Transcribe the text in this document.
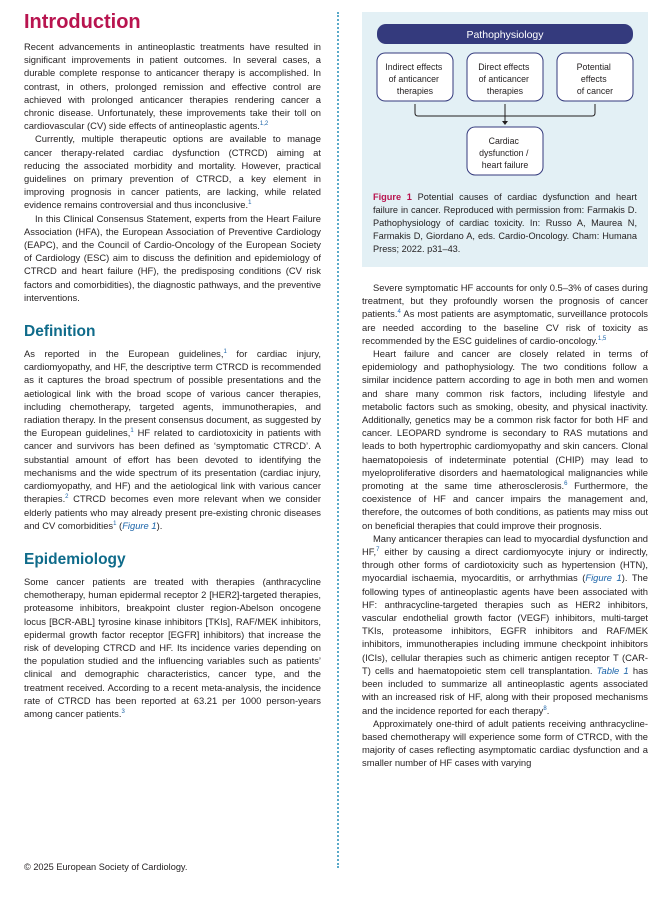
Introduction

Recent advancements in antineoplastic treatments have resulted in significant improvements in patient outcomes. In several cases, a durable complete response to anticancer therapy is accomplished. In contrast, in others, prolonged remission and effective control are achieved with prolonged anticancer therapies rendering cancer a chronic disease. Unfortunately, these improvements take their toll on cardiovascular (CV) side effects of antineoplastic agents.$^{1,2}$

Currently, multiple therapeutic options are available to manage cancer therapy-related cardiac dysfunction (CTRCD) aiming at reducing the associated morbidity and mortality. However, practical guidelines on primary prevention of CTRCD, a key element in improving prognosis in cancer patients, are lacking, while related evidence remains controversial and thus inconclusive.$^1$

In this Clinical Consensus Statement, experts from the Heart Failure Association (HFA), the European Association of Preventive Cardiology (EAPC), and the Council of Cardio-Oncology of the European Society of Cardiology (ESC) aim to discuss the definition and epidemiology of CTRCD and heart failure (HF), the predisposing conditions (CV risk factors and comorbidities), the diagnostic pathways, and the preventive interventions.

Definition

As reported in the European guidelines,$^1$ for cardiac injury, cardiomyopathy, and HF, the descriptive term CTRCD is recommended as it captures the broad spectrum of possible presentations and the aetiological link with the broad scope of various cancer therapies, including chemotherapy, targeted agents, immunotherapies, and radiation therapy. In the present consensus document, as suggested by the European guidelines,$^1$ HF related to cardiotoxicity in patients with cancer and survivors has been defined as ‘symptomatic CTRCD’. A substantial amount of effort has been devoted to identifying the mechanisms and the wide spectrum of its presentation (cardiac injury, cardiomyopathy, and HF) and the aetiological link with various cancer therapies.$^2$ CTRCD becomes even more relevant when we consider elderly patients who may already present pre-existing chronic diseases and CV comorbidities$^1$ (Figure 1).

Epidemiology

Some cancer patients are treated with therapies (anthracycline chemotherapy, human epidermal receptor 2 [HER2]-targeted therapies, proteasome inhibitors, breakpoint cluster region-Abelson oncogene locus [BCR-ABL] tyrosine kinase inhibitors [TKIs], RAF/MEK inhibitors, epidermal growth factor receptor [EGFR] inhibitors) that increase the risk of developing CTRCD and HF. Its incidence varies depending on the population studied and the influencing variables such as patients’ clinical and demographic characteristics, cancer type, and the treatment received. According to a recent meta-analysis, the incidence rate of CTRCD has been reported at 63.21 per 1000 person-years among cancer patients.$^3$

Pathophysiology
Indirect effects of anticancer therapies
Direct effects of anticancer therapies
Potential effects of cancer
Cardiac dysfunction / heart failure

Figure 1 Potential causes of cardiac dysfunction and heart failure in cancer. Reproduced with permission from: Farmakis D. Pathophysiology of cardiac toxicity. In: Russo A, Maurea N, Farmakis D, Giordano A, eds. Cardio-Oncology. Cham: Humana Press; 2022. p31–43.

Severe symptomatic HF accounts for only 0.5–3% of cases during treatment, but they profoundly worsen the prognosis of cancer patients.$^4$ As most patients are asymptomatic, surveillance protocols are needed according to the baseline CV risk of toxicity as recommended by the ESC guidelines of cardio-oncology.$^{1,5}$

Heart failure and cancer are closely related in terms of epidemiology and pathophysiology. The two conditions follow a similar incidence pattern according to age in both men and women and share many common risk factors, including lifestyle and metabolic factors such as smoking, obesity, and physical inactivity. Additionally, genetics may be a common risk factor for both HF and cancer. LEOPARD syndrome is secondary to RAS mutations and leads to both hypertrophic cardiomyopathy and skin cancers. Clonal haematopoiesis of indeterminate potential (CHIP) may lead to myeloproliferative disorders and haematological malignancies while promoting at the same time atherosclerosis.$^6$ Furthermore, the coexistence of HF and cancer impairs the management and, therefore, the outcomes of both conditions, as patients may miss out on beneficial therapies that could improve their prognosis.

Many anticancer therapies can lead to myocardial dysfunction and HF,$^7$ either by causing a direct cardiomyocyte injury or indirectly, through other forms of cardiotoxicity such as hypertension (HTN), myocardial ischaemia, myocarditis, or arrhythmias (Figure 1). The following types of antineoplastic agents have been associated with HF: anthracycline-targeted therapies such as HER2 inhibitors, vascular endothelial growth factor (VEGF) inhibitors, multi-target TKIs, proteasome inhibitors, EGFR inhibitors and RAF/MEK inhibitors, immunotherapies including immune checkpoint inhibitors (ICIs), cellular therapies such as chimeric antigen receptor T (CAR-T) cells and haematopoietic stem cell transplantation. Table 1 has been included to summarize all antineoplastic agents associated with an increased risk of HF, along with their proposed mechanisms and the incidence reported for each therapy$^8$.

Approximately one-third of adult patients receiving anthracycline-based chemotherapy will experience some form of CTRCD, with the majority of cases reflecting asymptomatic cardiac dysfunction and a smaller number of HF cases with varying

© 2025 European Society of Cardiology.
